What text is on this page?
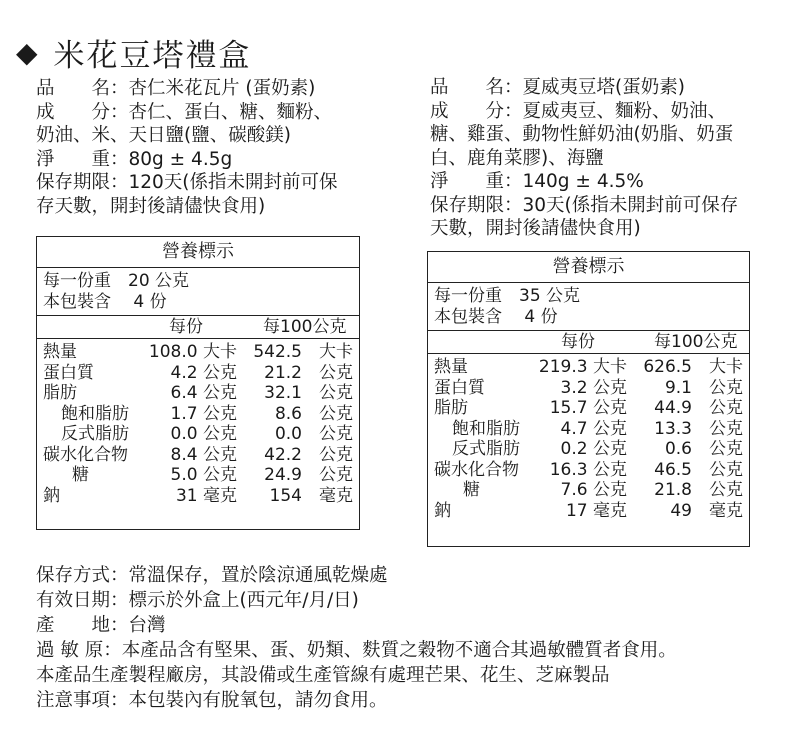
◆ 米花豆塔禮盒
品　　名：杏仁米花瓦片 (蛋奶素)
成　　分：杏仁、蛋白、糖、麵粉、
奶油、米、天日鹽(鹽、碳酸鎂)
淨　　重：80g ± 4.5g
保存期限：120天(係指未開封前可保
存天數，開封後請儘快食用)
品　　名：夏威夷豆塔(蛋奶素)
成　　分：夏威夷豆、麵粉、奶油、
糖、雞蛋、動物性鮮奶油(奶脂、奶蛋
白、鹿角菜膠)、海鹽
淨　　重：140g ± 4.5%
保存期限：30天(係指未開封前可保存
天數，開封後請儘快食用)
營養標示
每一份重　20 公克
本包裝含　 4 份
每份	每100公克
熱量	108.0 大卡 542.5　大卡
蛋白質	4.2 公克 21.2　公克
脂肪	6.4 公克 32.1　公克
飽和脂肪 1.7 公克 8.6　公克
反式脂肪 0.0 公克 0.0　公克
碳水化合物	8.4 公克 42.2　公克
糖	5.0 公克 24.9　公克
鈉	31 毫克 154　毫克
營養標示
每一份重　35 公克
本包裝含　 4 份
每份	每100公克
熱量	219.3 大卡 626.5　大卡
蛋白質	3.2 公克 9.1　公克
脂肪	15.7 公克 44.9　公克
飽和脂肪 4.7 公克 13.3　公克
反式脂肪 0.2 公克 0.6　公克
碳水化合物 16.3 公克 46.5　公克
糖	7.6 公克 21.8　公克
鈉	17 毫克	49　毫克
保存方式：常溫保存，置於陰涼通風乾燥處
有效日期：標示於外盒上(西元年/月/日)
產　　地：台灣
過 敏 原：本產品含有堅果、蛋、奶類、麩質之穀物不適合其過敏體質者食用。
本產品生產製程廠房，其設備或生產管線有處理芒果、花生、芝麻製品
注意事項：本包裝內有脫氧包，請勿食用。
